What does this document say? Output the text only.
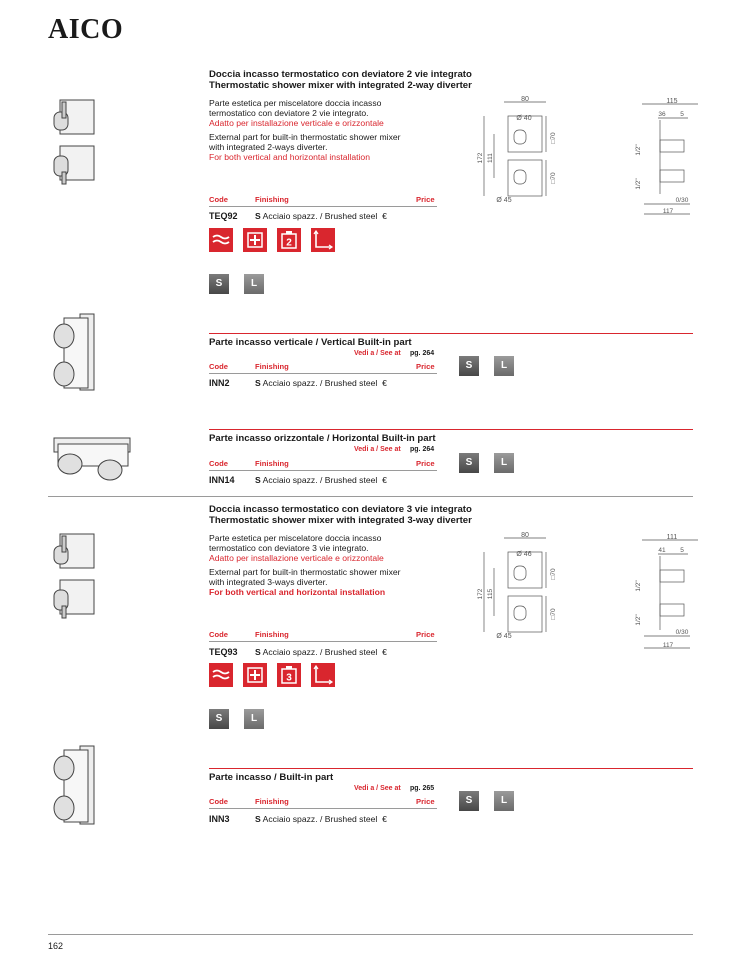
AICO
Doccia incasso termostatico con deviatore 2 vie integrato
Thermostatic shower mixer with integrated 2-way diverter
Parte estetica per miscelatore doccia incasso
termostatico con deviatore 2 vie integrato.
Adatto per installazione verticale e orizzontale
External part for built-in thermostatic shower mixer
with integrated 2-ways diverter.
For both vertical and horizontal installation
Code	Finishing	Price
TEQ92 S Acciaio spazz. / Brushed steel €
2
S	L
80
Ø 40
□70
□70
172 111
Ø 45
115
36 5
1/2"
1/2"
0/30
117
Parte incasso verticale / Vertical Built-in part
Vedi a / See at pg. 264
Code	Finishing	Price
INN2	S Acciaio spazz. / Brushed steel €
S	L
Parte incasso orizzontale / Horizontal Built-in part
Vedi a / See at pg. 264
Code	Finishing	Price
INN14 S Acciaio spazz. / Brushed steel €
S	L
Doccia incasso termostatico con deviatore 3 vie integrato
Thermostatic shower mixer with integrated 3-way diverter
Parte estetica per miscelatore doccia incasso
termostatico con deviatore 3 vie integrato.
Adatto per installazione verticale e orizzontale
External part for built-in thermostatic shower mixer
with integrated 3-ways diverter.
For both vertical and horizontal installation
Code	Finishing	Price
TEQ93 S Acciaio spazz. / Brushed steel €
3
S	L
80
Ø 46
□70
□70
172 115
Ø 45
111
41 5
1/2"
1/2"
0/30
117
Parte incasso / Built-in part
Vedi a / See at pg. 265
Code	Finishing	Price
INN3	S Acciaio spazz. / Brushed steel €
S	L
162
